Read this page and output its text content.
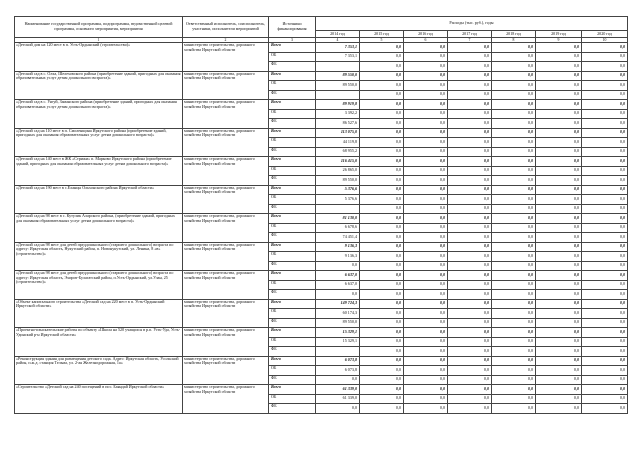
Наименование государственной программы, подпрограммы, ведомственной целевой программы, основного мероприятия, мероприятия	Ответственный исполнитель, соисполнитель, участники, исполнители мероприятий	Источники финансирования	Расходы (тыс. руб.), годы						
			2014 год	2015 год	2016 год	2017 год	2018 год	2019 год	2020 год
1	2	3	4	5	6	7	8	9	10
«Детский дом на 120 мест в п. Усть-Ордынский (строительство)»	министерство строительства, дорожного хозяйства Иркутской области	Всего	7 353,1	0,0	0,0	0,0	0,0	0,0	0,0
		ОБ	7 353,1	0,0	0,0	0,0	0,0	0,0	0,0
		ФБ		0,0	0,0	0,0	0,0	0,0	0,0
«Детский сад в с. Олха, Шелеховского района (приобретение зданий, пригодных для оказания образовательных услуг детям дошкольного возраста)»	министерство строительства, дорожного хозяйства Иркутской области	Всего	89 550,0	0,0	0,0	0,0	0,0	0,0	0,0
		ОБ	89 550,0	0,0	0,0	0,0	0,0	0,0	0,0
		ФБ		0,0	0,0	0,0	0,0	0,0	0,0
«Детский сад в с. Уягуй, Заманского района (приобретение зданий, пригодных для оказания образовательных услуг детям дошкольного возраста)»	министерство строительства, дорожного хозяйства Иркутской области	Всего	89 919,8	0,0	0,0	0,0	0,0	0,0	0,0
		ОБ	3 392,2	0,0	0,0	0,0	0,0	0,0	0,0
		ФБ	86 527,6	0,0	0,0	0,0	0,0	0,0	0,0
«Детский сад на 110 мест в п. Смоленщина Иркутского района (приобретение зданий, пригодных для оказания образовательных услуг детям дошкольного возраста)»	министерство строительства, дорожного хозяйства Иркутской области	Всего	113 075,0	0,0	0,0	0,0	0,0	0,0	0,0
		ОБ	44 119,8	0,0	0,0	0,0	0,0	0,0	0,0
		ФБ	68 955,2	0,0	0,0	0,0	0,0	0,0	0,0
«Детский сад на 140 мест в ЖК «Стрижи» п. Марково Иркутского района (приобретение зданий, пригодных для оказания образовательных услуг детям дошкольного возраста)»	министерство строительства, дорожного хозяйства Иркутской области	Всего	116 415,0	0,0	0,0	0,0	0,0	0,0	0,0
		ОБ	26 865,0	0,0	0,0	0,0	0,0	0,0	0,0
		ФБ	89 550,0	0,0	0,0	0,0	0,0	0,0	0,0
«Детский сад на 190 мест в с.Еланцы Ольхонского района Иркутской области»	министерство строительства, дорожного хозяйства Иркутской области	Всего	5 376,6	0,0	0,0	0,0	0,0	0,0	0,0
		ОБ	5 376,6	0,0	0,0	0,0	0,0	0,0	0,0
		ФБ		0,0	0,0	0,0	0,0	0,0	0,0
«Детский сад на 98 мест в с. Кутулик Аларского района, (приобретение зданий, пригодных для оказания образовательных услуг детям дошкольного возраста)»	министерство строительства, дорожного хозяйства Иркутской области	Всего	81 130,0	0,0	0,0	0,0	0,0	0,0	0,0
		ОБ	6 678,6	0,0	0,0	0,0	0,0	0,0	0,0
		ФБ	74 451,4	0,0	0,0	0,0	0,0	0,0	0,0
«Детский сад на 98 мест для детей преддошкольного (старшего дошкольного) возраста по адресу: Иркутская область, Нукутский район, п. Новонукутский, ул. Ленина, 8 «в» (строительство)»	министерство строительства, дорожного хозяйства Иркутской области	Всего	9 136,3	0,0	0,0	0,0	0,0	0,0	0,0
		ОБ	9 136,3	0,0	0,0	0,0	0,0	0,0	0,0
		ФБ	0,0	0,0	0,0	0,0	0,0	0,0	0,0
«Детский сад на 98 мест для детей преддошкольного (старшего дошкольного) возраста по адресу: Иркутская область, Эхирит-Булагатский район, п.Усть-Ордынский, ул.Улан, 25 (строительство)»	министерство строительства, дорожного хозяйства Иркутской области	Всего	6 637,0	0,0	0,0	0,0	0,0	0,0	0,0
		ОБ	6 637,0	0,0	0,0	0,0	0,0	0,0	0,0
		ФБ	0,0	0,0	0,0	0,0	0,0	0,0	0,0
«Объект капитального строительства «Детский сад на 220 мест в п. Усть-Ордынский Иркутской области»	министерство строительства, дорожного хозяйства Иркутской области	Всего	149 724,3	0,0	0,0	0,0	0,0	0,0	0,0
		ОБ	60 174,3	0,0	0,0	0,0	0,0	0,0	0,0
		ФБ	89 550,0	0,0	0,0	0,0	0,0	0,0	0,0
«Проектно-изыскательские работы по объекту «Школа на 520 учащихся в р.п. Усть-Уда, Усть-Удинский р-н Иркутской области»	министерство строительства, дорожного хозяйства Иркутской области	Всего	15 329,1	0,0	0,0	0,0	0,0	0,0	0,0
		ОБ	15 329,1	0,0	0,0	0,0	0,0	0,0	0,0
		ФБ		0,0	0,0	0,0	0,0	0,0	0,0
«Реконструкция здания для размещения детского сада. Адрес: Иркутская область, Усольский район, п.ж.д. станция Тельма, ул. 2-ая Железнодорожная, 1а»	министерство строительства, дорожного хозяйства Иркутской области	Всего	6 073,8	0,0	0,0	0,0	0,0	0,0	0,0
		ОБ	6 073,8	0,0	0,0	0,0	0,0	0,0	0,0
		ФБ	0,0	0,0	0,0	0,0	0,0	0,0	0,0
«Строительство «Детский сад на 240 посещений в пос. Баяндай Иркутской области»	министерство строительства, дорожного хозяйства Иркутской области	Всего	61 339,0	0,0	0,0	0,0	0,0	0,0	0,0
		ОБ	61 339,0	0,0	0,0	0,0	0,0	0,0	0,0
		ФБ	0,0	0,0	0,0	0,0	0,0	0,0	0,0
